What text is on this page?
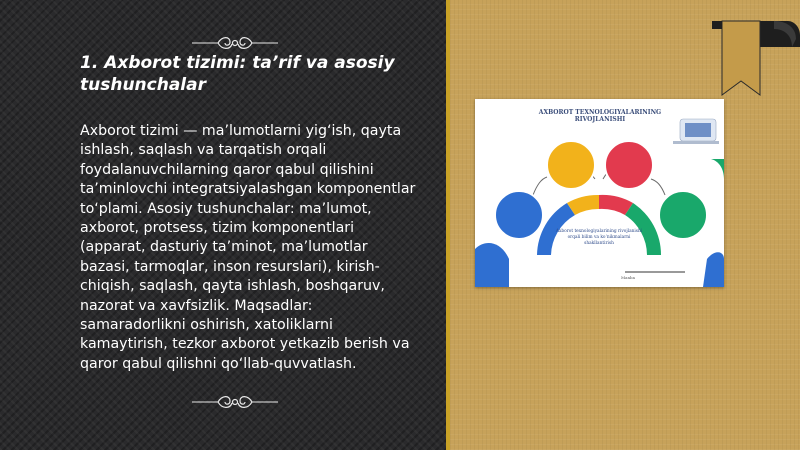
1. Axborot tizimi: ta’rif va asosiy tushunchalar
Axborot tizimi — ma’lumotlarni yig‘ish, qayta ishlash, saqlash va tarqatish orqali foydalanuvchilarning qaror qabul qilishini ta’minlovchi integratsiyalashgan komponentlar to‘plami. Asosiy tushunchalar: ma’lumot, axborot, protsess, tizim komponentlari (apparat, dasturiy ta’minot, ma’lumotlar bazasi, tarmoqlar, inson resurslari), kirish-chiqish, saqlash, qayta ishlash, boshqaruv, nazorat va xavfsizlik. Maqsadlar: samaradorlikni oshirish, xatoliklarni kamaytirish, tezkor axborot yetkazib berish va qaror qabul qilishni qo‘llab-quvvatlash.
AXBOROT TEXNOLOGIYALARINING RIVOJLANISHI
Axborot texnologiyalarining rivojlanishi orqali bilim va ko‘nikmalarni shakllantirish
Manba
